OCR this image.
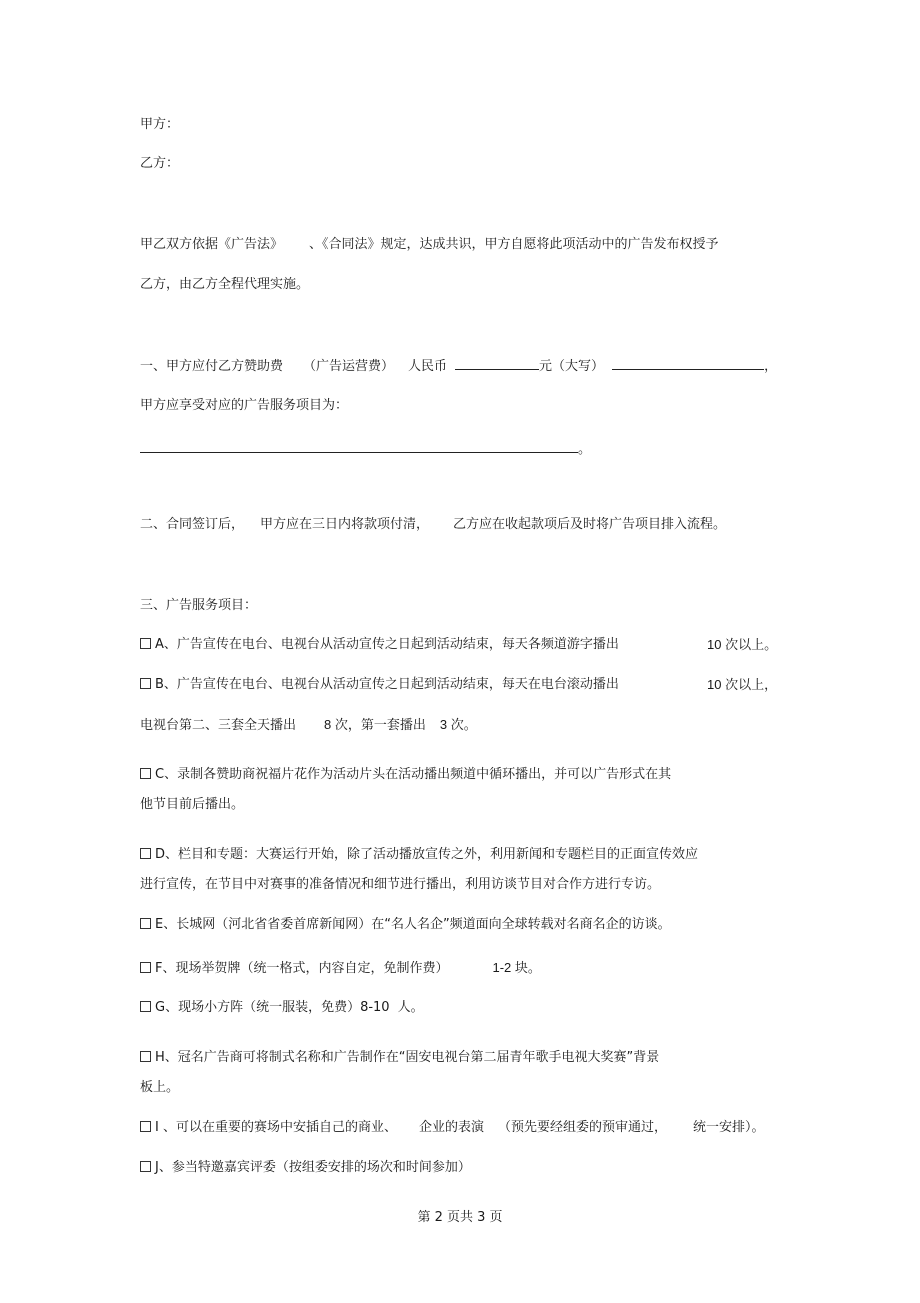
甲方：
乙方：
甲乙双方依据《广告法》 、《合同法》规定，达成共识，甲方自愿将此项活动中的广告发布权授予
乙方，由乙方全程代理实施。
一、甲方应付乙方赞助费 （广告运营费） 人民币	元（大写）	，
甲方应享受对应的广告服务项目为：
。
二、合同签订后， 甲方应在三日内将款项付清， 乙方应在收起款项后及时将广告项目排入流程。
三、广告服务项目：
A、广告宣传在电台、电视台从活动宣传之日起到活动结束，每天各频道游字播出	10 次以上。
B、广告宣传在电台、电视台从活动宣传之日起到活动结束，每天在电台滚动播出	10 次以上，
电视台第二、三套全天播出 8 次，第一套播出 3 次。
C、录制各赞助商祝福片花作为活动片头在活动播出频道中循环播出，并可以广告形式在其
他节目前后播出。
D、栏目和专题：大赛运行开始，除了活动播放宣传之外，利用新闻和专题栏目的正面宣传效应
进行宣传，在节目中对赛事的准备情况和细节进行播出，利用访谈节目对合作方进行专访。
E、长城网（河北省省委首席新闻网）在“名人名企”频道面向全球转载对名商名企的访谈。
F、现场举贺牌（统一格式，内容自定，免制作费）	1-2 块。
G、现场小方阵（统一服装，免费）8-10 人。
H、冠名广告商可将制式名称和广告制作在“固安电视台第二届青年歌手电视大奖赛”背景
板上。
I 、可以在重要的赛场中安插自己的商业、 企业的表演 （预先要经组委的预审通过， 统一安排）。
J、参当特邀嘉宾评委（按组委安排的场次和时间参加）
第 2 页共 3 页
